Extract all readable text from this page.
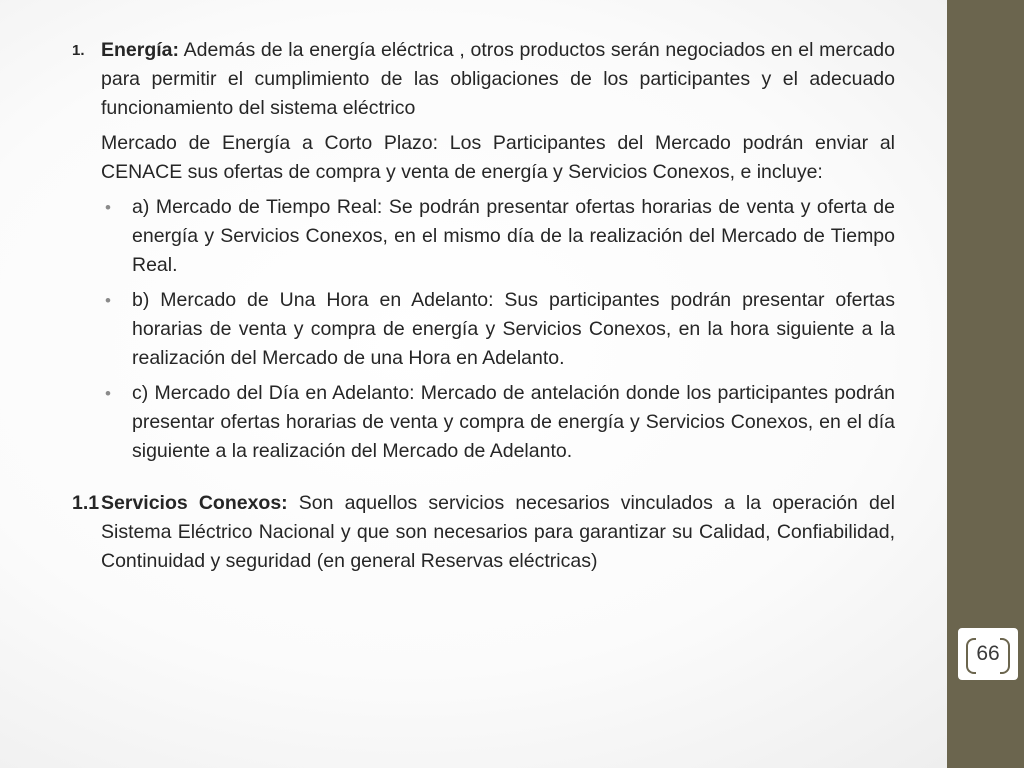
66
1. Energía: Además de la energía eléctrica , otros productos serán negociados en el mercado para permitir el cumplimiento de las obligaciones de los participantes y el adecuado funcionamiento del sistema eléctrico
Mercado de Energía a Corto Plazo: Los Participantes del Mercado podrán enviar al CENACE sus ofertas de compra y venta de energía y Servicios Conexos, e incluye:
• a) Mercado de Tiempo Real: Se podrán presentar ofertas horarias de venta y oferta de energía y Servicios Conexos, en el mismo día de la realización del Mercado de Tiempo Real.
• b) Mercado de Una Hora en Adelanto: Sus participantes podrán presentar ofertas horarias de venta y compra de energía y Servicios Conexos, en la hora siguiente a la realización del Mercado de una Hora en Adelanto.
• c) Mercado del Día en Adelanto: Mercado de antelación donde los participantes podrán presentar ofertas horarias de venta y compra de energía y Servicios Conexos, en el día siguiente a la realización del Mercado de Adelanto.
1.1 Servicios Conexos: Son aquellos servicios necesarios vinculados a la operación del Sistema Eléctrico Nacional y que son necesarios para garantizar su Calidad, Confiabilidad, Continuidad y seguridad (en general Reservas eléctricas)
